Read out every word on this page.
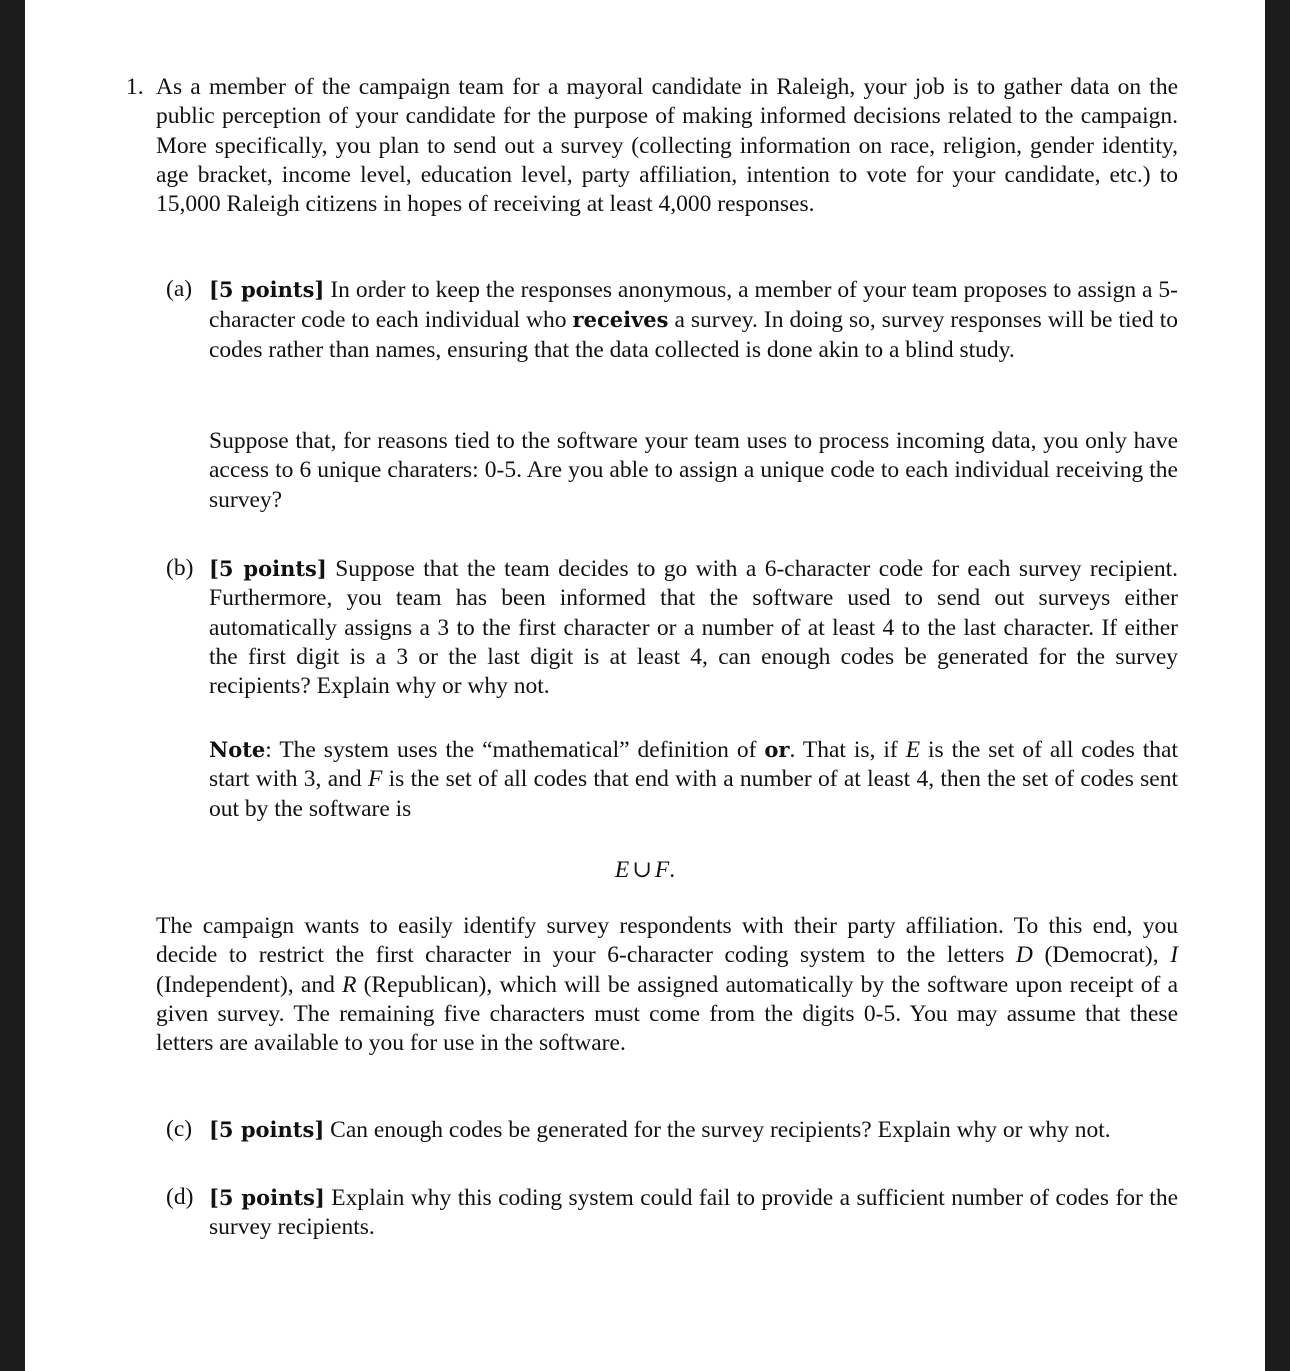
1. As a member of the campaign team for a mayoral candidate in Raleigh, your job is to gather data on the public perception of your candidate for the purpose of making informed decisions related to the campaign. More specifically, you plan to send out a survey (collecting information on race, religion, gender identity, age bracket, income level, education level, party affiliation, intention to vote for your candidate, etc.) to 15,000 Raleigh citizens in hopes of receiving at least 4,000 responses.
(a) [5 points] In order to keep the responses anonymous, a member of your team proposes to assign a 5-character code to each individual who receives a survey. In doing so, survey responses will be tied to codes rather than names, ensuring that the data collected is done akin to a blind study.
Suppose that, for reasons tied to the software your team uses to process incoming data, you only have access to 6 unique charaters: 0-5. Are you able to assign a unique code to each individual receiving the survey?
(b) [5 points] Suppose that the team decides to go with a 6-character code for each survey recipient. Furthermore, you team has been informed that the software used to send out surveys either automatically assigns a 3 to the first character or a number of at least 4 to the last character. If either the first digit is a 3 or the last digit is at least 4, can enough codes be generated for the survey recipients? Explain why or why not.
Note: The system uses the “mathematical” definition of or. That is, if E is the set of all codes that start with 3, and F is the set of all codes that end with a number of at least 4, then the set of codes sent out by the software is
E ∪ F.
The campaign wants to easily identify survey respondents with their party affiliation. To this end, you decide to restrict the first character in your 6-character coding system to the letters D (Democrat), I (Independent), and R (Republican), which will be assigned automatically by the software upon receipt of a given survey. The remaining five characters must come from the digits 0-5. You may assume that these letters are available to you for use in the software.
(c) [5 points] Can enough codes be generated for the survey recipients? Explain why or why not.
(d) [5 points] Explain why this coding system could fail to provide a sufficient number of codes for the survey recipients.
